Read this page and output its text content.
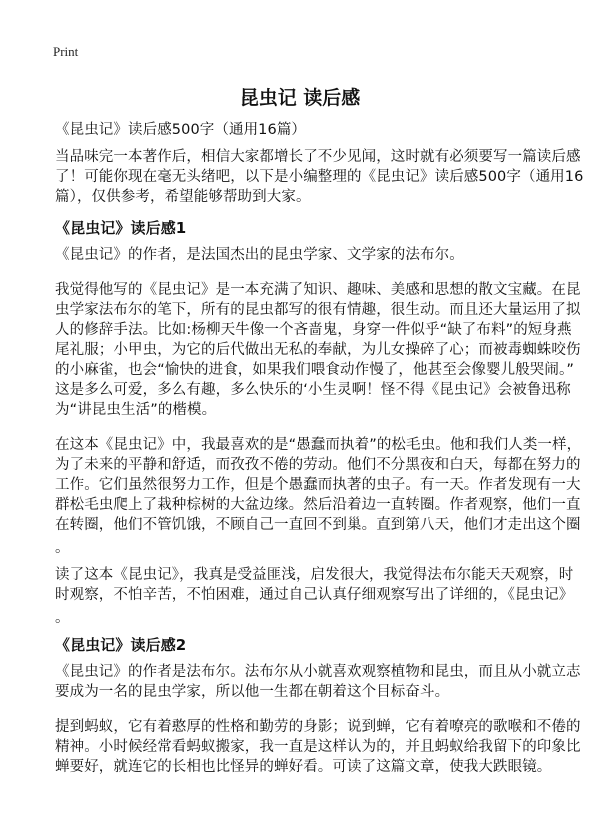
Print
昆虫记 读后感
《昆虫记》读后感500字（通用16篇）
当品味完一本著作后，相信大家都增长了不少见闻，这时就有必须要写一篇读后感
了！可能你现在毫无头绪吧，以下是小编整理的《昆虫记》读后感500字（通用16
篇），仅供参考，希望能够帮助到大家。
《昆虫记》读后感1
《昆虫记》的作者，是法国杰出的昆虫学家、文学家的法布尔。
我觉得他写的《昆虫记》是一本充满了知识、趣味、美感和思想的散文宝藏。在昆
虫学家法布尔的笔下，所有的昆虫都写的很有情趣，很生动。而且还大量运用了拟
人的修辞手法。比如:杨柳天牛像一个吝啬鬼，身穿一件似乎“缺了布料”的短身燕
尾礼服；小甲虫，为它的后代做出无私的奉献，为儿女操碎了心；而被毒蜘蛛咬伤
的小麻雀，也会“愉快的进食，如果我们喂食动作慢了，他甚至会像婴儿般哭闹。”
这是多么可爱，多么有趣，多么快乐的‘小生灵啊！怪不得《昆虫记》会被鲁迅称
为“讲昆虫生活”的楷模。
在这本《昆虫记》中，我最喜欢的是“愚蠢而执着”的松毛虫。他和我们人类一样，
为了未来的平静和舒适，而孜孜不倦的劳动。他们不分黑夜和白天，每都在努力的
工作。它们虽然很努力工作，但是个愚蠢而执著的虫子。有一天。作者发现有一大
群松毛虫爬上了栽种棕树的大盆边缘。然后沿着边一直转圈。作者观察，他们一直
在转圈，他们不管饥饿，不顾自己一直回不到巢。直到第八天，他们才走出这个圈
。
读了这本《昆虫记》，我真是受益匪浅，启发很大，我觉得法布尔能天天观察，时
时观察，不怕辛苦，不怕困难，通过自己认真仔细观察写出了详细的，《昆虫记》
。
《昆虫记》读后感2
《昆虫记》的作者是法布尔。法布尔从小就喜欢观察植物和昆虫，而且从小就立志
要成为一名的昆虫学家，所以他一生都在朝着这个目标奋斗。
提到蚂蚁，它有着憨厚的性格和勤劳的身影；说到蝉，它有着嘹亮的歌喉和不倦的
精神。小时候经常看蚂蚁搬家，我一直是这样认为的，并且蚂蚁给我留下的印象比
蝉要好，就连它的长相也比怪异的蝉好看。可读了这篇文章，使我大跌眼镜。
